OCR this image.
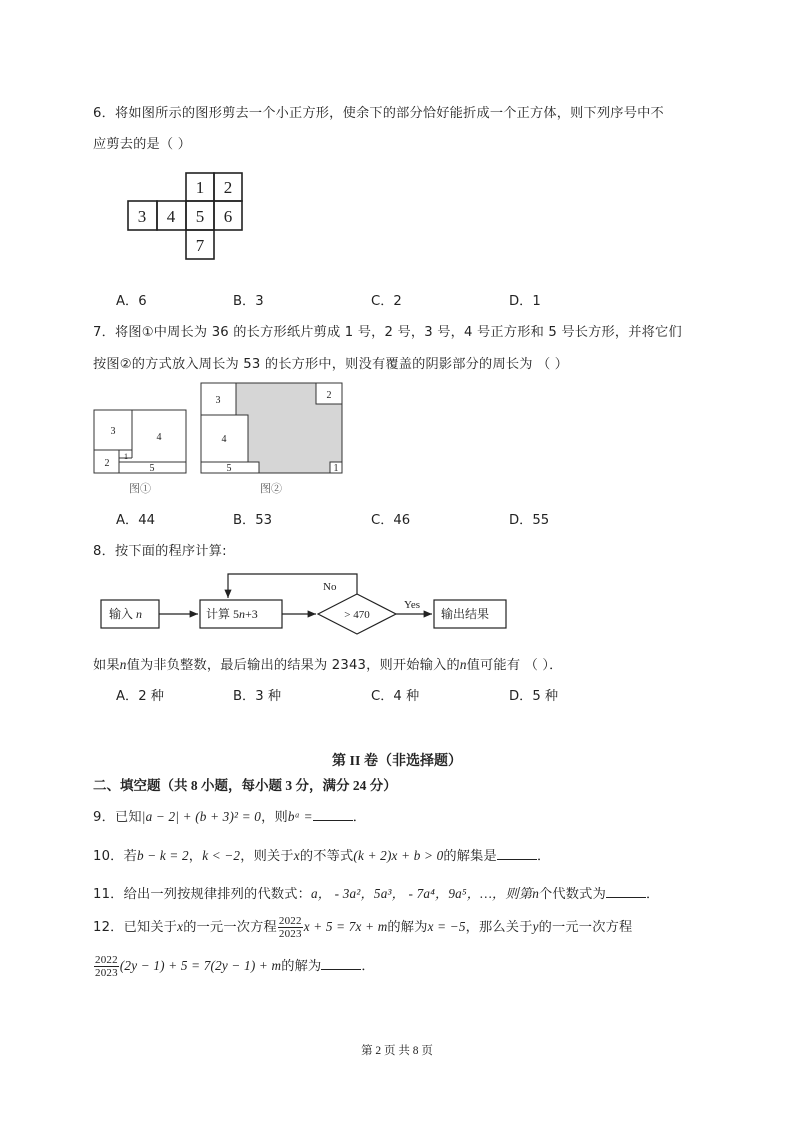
6．将如图所示的图形剪去一个小正方形，使余下的部分恰好能折成一个正方体，则下列序号中不
应剪去的是（ ）
1 2
3 4 5 6
7
A．6	B．3	C．2	D．1
7．将图①中周长为 36 的长方形纸片剪成 1 号，2 号，3 号，4 号正方形和 5 号长方形，并将它们
按图②的方式放入周长为 53 的长方形中，则没有覆盖的阴影部分的周长为 （ ）
3
4
2
1
5
图①
3	2
4
5	1
图②
A．44	B．53	C．46	D．55
8．按下面的程序计算:
输入 n	计算 5n+3	> 470
No
Yes
输出结果
如果n值为非负整数，最后输出的结果为 2343，则开始输入的n值可能有 （ ）．
A．2 种	B．3 种	C．4 种	D．5 种
第 II 卷（非选择题）
二、填空题（共 8 小题，每小题 3 分，满分 24 分）
9．已知|a − 2| + (b + 3)² = 0，则bᵃ =	．
10．若b − k = 2，k < −2，则关于x的不等式(k + 2)x + b > 0的解集是	．
11．给出一列按规律排列的代数式：a， - 3a²，5a³， - 7a⁴，9a⁵，…，则第n个代数式为	．
12．已知关于x的一元一次方程 $\frac{2022}{2023}$ x + 5 = 7x + m的解为x = −5，那么关于y的一元一次方程
$\frac{2022}{2023} (2y - 1) + 5 = 7(2y - 1) + m$的解为	．
第 2 页 共 8 页
